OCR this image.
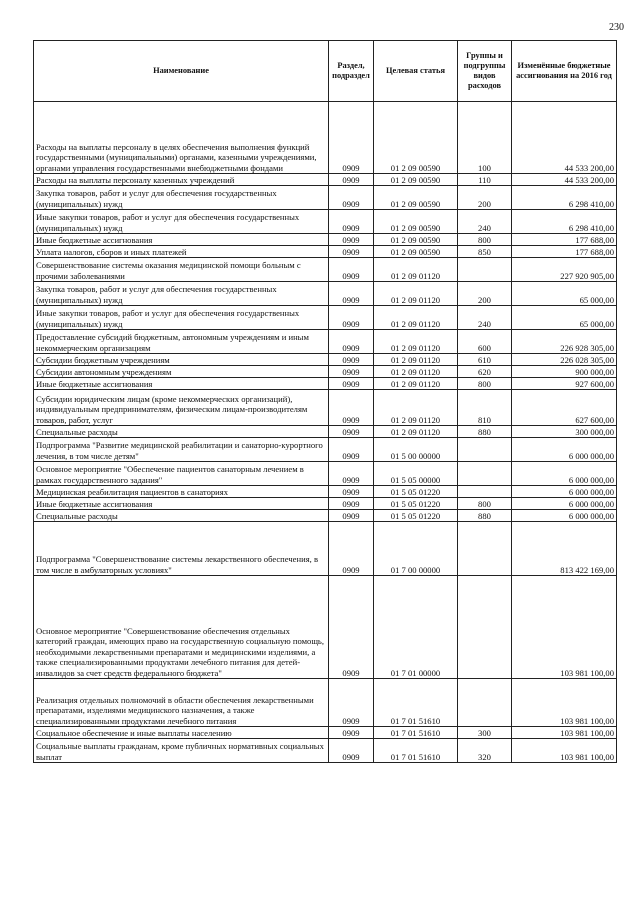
230
Наименование	Раздел, подраздел	Целевая статья	Группы и подгруппы видов расходов	Изменённые бюджетные ассигнования на 2016 год
Расходы на выплаты персоналу в целях обеспечения выполнения функций государственными (муниципальными) органами, казенными учреждениями, органами управления государственными внебюджетными фондами	0909	01 2 09 00590	100	44 533 200,00
Расходы на выплаты персоналу казенных учреждений	0909	01 2 09 00590	110	44 533 200,00
Закупка товаров, работ и услуг для обеспечения государственных (муниципальных) нужд	0909	01 2 09 00590	200	6 298 410,00
Иные закупки товаров, работ и услуг для обеспечения государственных (муниципальных) нужд	0909	01 2 09 00590	240	6 298 410,00
Иные бюджетные ассигнования	0909	01 2 09 00590	800	177 688,00
Уплата налогов, сборов и иных платежей	0909	01 2 09 00590	850	177 688,00
Совершенствование системы оказания медицинской помощи больным с прочими заболеваниями	0909	01 2 09 01120		227 920 905,00
Закупка товаров, работ и услуг для обеспечения государственных (муниципальных) нужд	0909	01 2 09 01120	200	65 000,00
Иные закупки товаров, работ и услуг для обеспечения государственных (муниципальных) нужд	0909	01 2 09 01120	240	65 000,00
Предоставление субсидий бюджетным, автономным учреждениям и иным некоммерческим организациям	0909	01 2 09 01120	600	226 928 305,00
Субсидии бюджетным учреждениям	0909	01 2 09 01120	610	226 028 305,00
Субсидии автономным учреждениям	0909	01 2 09 01120	620	900 000,00
Иные бюджетные ассигнования	0909	01 2 09 01120	800	927 600,00
Субсидии юридическим лицам (кроме некоммерческих организаций), индивидуальным предпринимателям, физическим лицам-производителям товаров, работ, услуг	0909	01 2 09 01120	810	627 600,00
Специальные расходы	0909	01 2 09 01120	880	300 000,00
Подпрограмма "Развитие медицинской реабилитации и санаторно-курортного лечения, в том числе детям"	0909	01 5 00 00000		6 000 000,00
Основное мероприятие "Обеспечение пациентов санаторным лечением в рамках государственного задания"	0909	01 5 05 00000		6 000 000,00
Медицинская реабилитация пациентов в санаториях	0909	01 5 05 01220		6 000 000,00
Иные бюджетные ассигнования	0909	01 5 05 01220	800	6 000 000,00
Специальные расходы	0909	01 5 05 01220	880	6 000 000,00
Подпрограмма "Совершенствование системы лекарственного обеспечения, в том числе в амбулаторных условиях"	0909	01 7 00 00000		813 422 169,00
Основное мероприятие "Совершенствование обеспечения отдельных категорий граждан, имеющих право на государственную социальную помощь, необходимыми лекарственными препаратами и медицинскими изделиями, а также специализированными продуктами лечебного питания для детей-инвалидов за счет средств федерального бюджета"	0909	01 7 01 00000		103 981 100,00
Реализация отдельных полномочий в области обеспечения лекарственными препаратами, изделиями медицинского назначения, а также специализированными продуктами лечебного питания	0909	01 7 01 51610		103 981 100,00
Социальное обеспечение и иные выплаты населению	0909	01 7 01 51610	300	103 981 100,00
Социальные выплаты гражданам, кроме публичных нормативных социальных выплат	0909	01 7 01 51610	320	103 981 100,00
